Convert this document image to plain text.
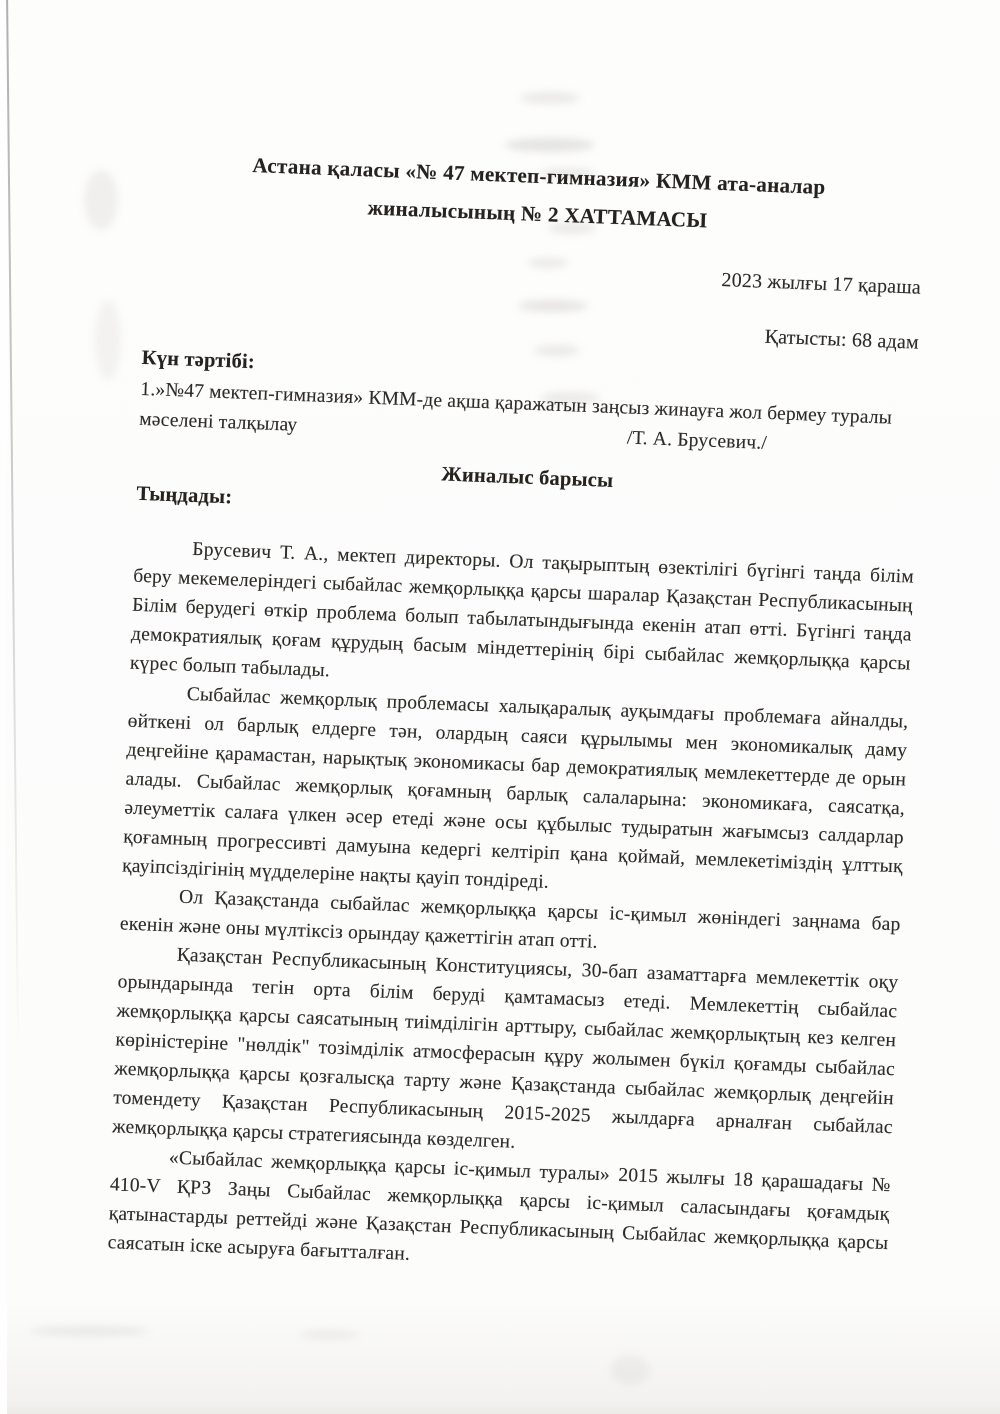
Астана қаласы «№ 47 мектеп-гимназия» КММ ата-аналар
жиналысының № 2 ХАТТАМАСЫ
2023 жылғы 17 қараша
Қатысты: 68 адам
Күн тәртібі:
1.»№47 мектеп-гимназия» КММ-де ақша қаражатын заңсыз жинауға жол бермеу туралы мәселені талқылау
/Т. А. Брусевич./
Жиналыс барысы
Тыңдады:

Брусевич Т. А., мектеп директоры. Ол тақырыптың өзектілігі бүгінгі таңда білім беру мекемелеріндегі сыбайлас жемқорлыққа қарсы шаралар Қазақстан Республикасының Білім берудегі өткір проблема болып табылатындығында екенін атап өтті. Бүгінгі таңда демократиялық қоғам құрудың басым міндеттерінің бірі сыбайлас жемқорлыққа қарсы күрес болып табылады.

Сыбайлас жемқорлық проблемасы халықаралық ауқымдағы проблемаға айналды, өйткені ол барлық елдерге тән, олардың саяси құрылымы мен экономикалық даму деңгейіне қарамастан, нарықтық экономикасы бар демократиялық мемлекеттерде де орын алады. Сыбайлас жемқорлық қоғамның барлық салаларына: экономикаға, саясатқа, әлеуметтік салаға үлкен әсер етеді және осы құбылыс тудыратын жағымсыз салдарлар қоғамның прогрессивті дамуына кедергі келтіріп қана қоймай, мемлекетіміздің ұлттық қауіпсіздігінің мүдделеріне нақты қауіп тондіреді.

Ол Қазақстанда сыбайлас жемқорлыққа қарсы іс-қимыл жөніндегі заңнама бар екенін және оны мүлтіксіз орындау қажеттігін атап отті.

Қазақстан Республикасының Конституциясы, 30-бап азаматтарға мемлекеттік оқу орындарында тегін орта білім беруді қамтамасыз етеді. Мемлекеттің сыбайлас жемқорлыққа қарсы саясатының тиімділігін арттыру, сыбайлас жемқорлықтың кез келген көріністеріне "нөлдік" тозімділік атмосферасын құру жолымен бүкіл қоғамды сыбайлас жемқорлыққа қарсы қозғалысқа тарту және Қазақстанда сыбайлас жемқорлық деңгейін томендету Қазақстан Республикасының 2015-2025 жылдарға арналған сыбайлас жемқорлыққа қарсы стратегиясында көзделген.

«Сыбайлас жемқорлыққа қарсы іс-қимыл туралы» 2015 жылғы 18 қарашадағы № 410-V ҚРЗ Заңы Сыбайлас жемқорлыққа қарсы іс-қимыл саласындағы қоғамдық қатынастарды реттейді және Қазақстан Республикасының Сыбайлас жемқорлыққа қарсы саясатын іске асыруға бағытталған.
